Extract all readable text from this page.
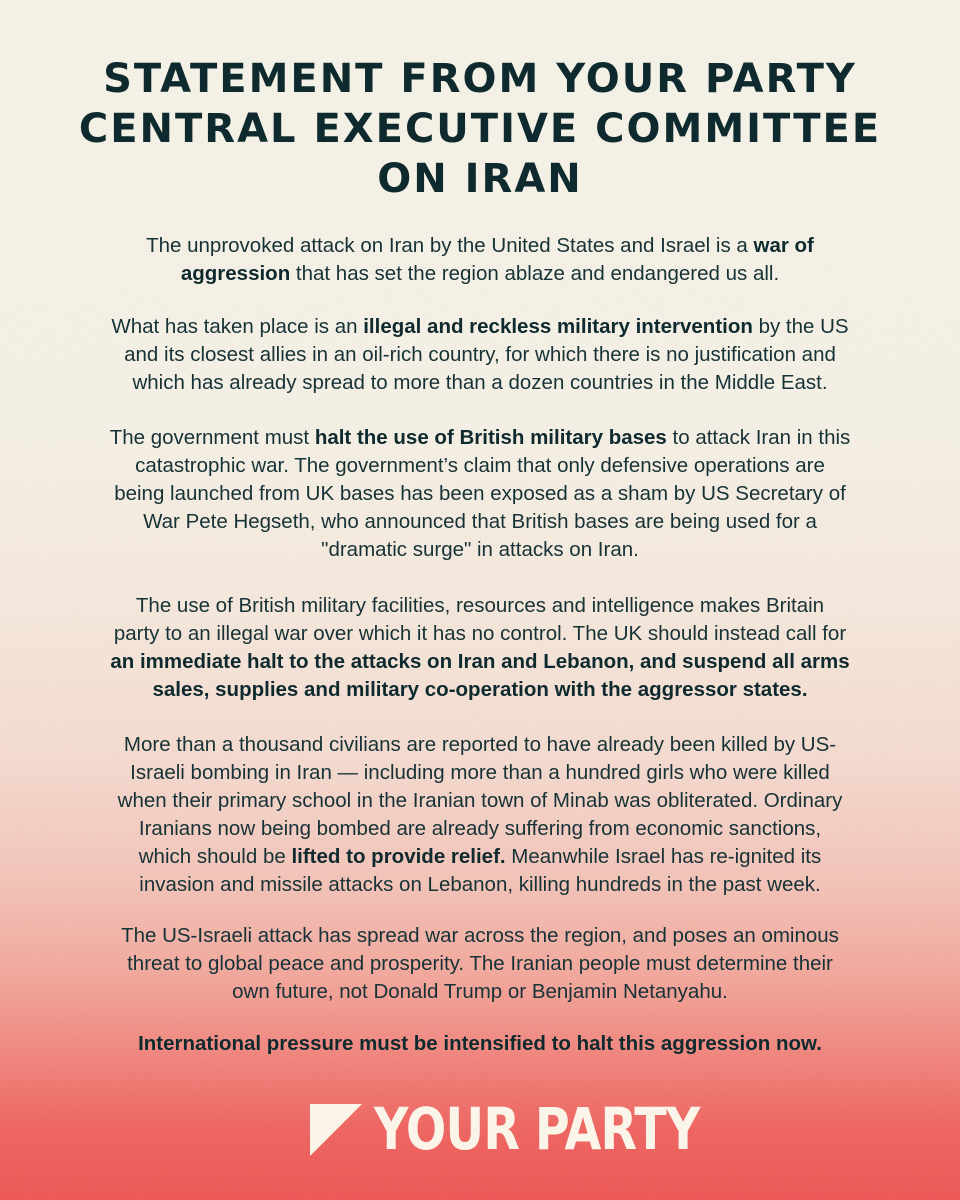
STATEMENT FROM YOUR PARTY
CENTRAL EXECUTIVE COMMITTEE
ON IRAN

The unprovoked attack on Iran by the United States and Israel is a war of
aggression that has set the region ablaze and endangered us all.

What has taken place is an illegal and reckless military intervention by the US
and its closest allies in an oil-rich country, for which there is no justification and
which has already spread to more than a dozen countries in the Middle East.

The government must halt the use of British military bases to attack Iran in this
catastrophic war. The government’s claim that only defensive operations are
being launched from UK bases has been exposed as a sham by US Secretary of
War Pete Hegseth, who announced that British bases are being used for a
"dramatic surge" in attacks on Iran.

The use of British military facilities, resources and intelligence makes Britain
party to an illegal war over which it has no control. The UK should instead call for
an immediate halt to the attacks on Iran and Lebanon, and suspend all arms
sales, supplies and military co-operation with the aggressor states.

More than a thousand civilians are reported to have already been killed by US-
Israeli bombing in Iran — including more than a hundred girls who were killed
when their primary school in the Iranian town of Minab was obliterated. Ordinary
Iranians now being bombed are already suffering from economic sanctions,
which should be lifted to provide relief. Meanwhile Israel has re-ignited its
invasion and missile attacks on Lebanon, killing hundreds in the past week.

The US-Israeli attack has spread war across the region, and poses an ominous
threat to global peace and prosperity. The Iranian people must determine their
own future, not Donald Trump or Benjamin Netanyahu.

International pressure must be intensified to halt this aggression now.

YOUR PARTY
